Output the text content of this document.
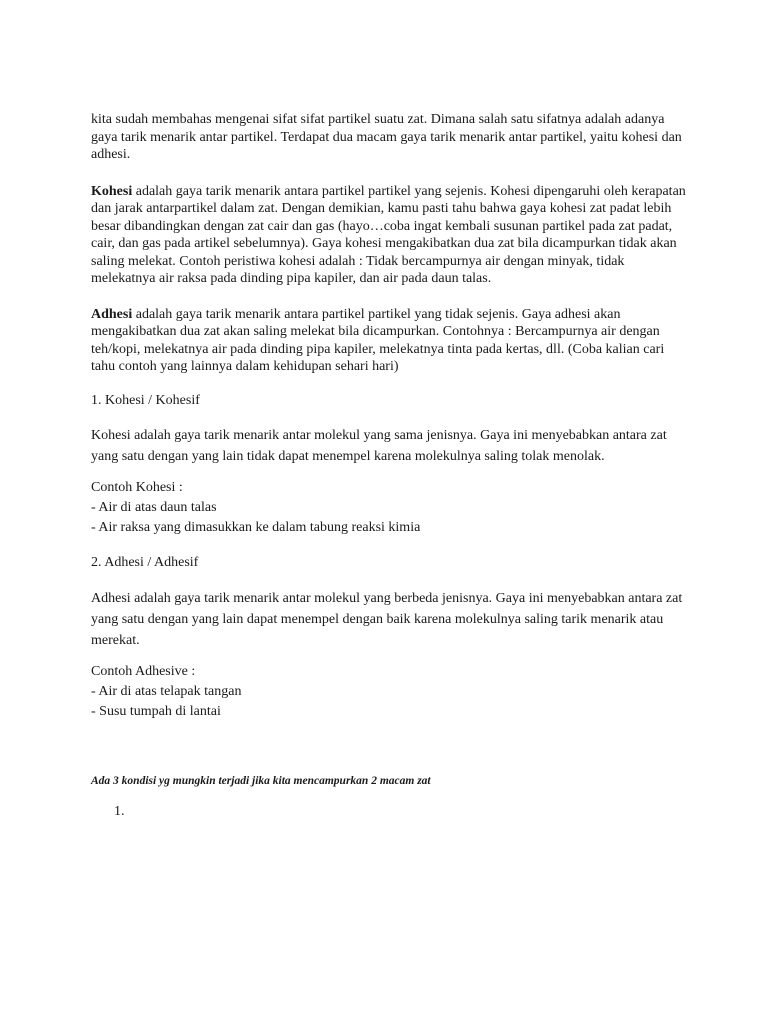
kita sudah membahas mengenai sifat sifat partikel suatu zat. Dimana salah satu sifatnya adalah adanya gaya tarik menarik antar partikel. Terdapat dua macam gaya tarik menarik antar partikel, yaitu kohesi dan adhesi.

Kohesi adalah gaya tarik menarik antara partikel partikel yang sejenis. Kohesi dipengaruhi oleh kerapatan dan jarak antarpartikel dalam zat. Dengan demikian, kamu pasti tahu bahwa gaya kohesi zat padat lebih besar dibandingkan dengan zat cair dan gas (hayo…coba ingat kembali susunan partikel pada zat padat, cair, dan gas pada artikel sebelumnya). Gaya kohesi mengakibatkan dua zat bila dicampurkan tidak akan saling melekat. Contoh peristiwa kohesi adalah : Tidak bercampurnya air dengan minyak, tidak melekatnya air raksa pada dinding pipa kapiler, dan air pada daun talas.

Adhesi adalah gaya tarik menarik antara partikel partikel yang tidak sejenis. Gaya adhesi akan mengakibatkan dua zat akan saling melekat bila dicampurkan. Contohnya : Bercampurnya air dengan teh/kopi, melekatnya air pada dinding pipa kapiler, melekatnya tinta pada kertas, dll. (Coba kalian cari tahu contoh yang lainnya dalam kehidupan sehari hari)

1. Kohesi / Kohesif

Kohesi adalah gaya tarik menarik antar molekul yang sama jenisnya. Gaya ini menyebabkan antara zat yang satu dengan yang lain tidak dapat menempel karena molekulnya saling tolak menolak.

Contoh Kohesi :
- Air di atas daun talas
- Air raksa yang dimasukkan ke dalam tabung reaksi kimia

2. Adhesi / Adhesif

Adhesi adalah gaya tarik menarik antar molekul yang berbeda jenisnya. Gaya ini menyebabkan antara zat yang satu dengan yang lain dapat menempel dengan baik karena molekulnya saling tarik menarik atau merekat.

Contoh Adhesive :
- Air di atas telapak tangan
- Susu tumpah di lantai

Ada 3 kondisi yg mungkin terjadi jika kita mencampurkan 2 macam zat

1.
